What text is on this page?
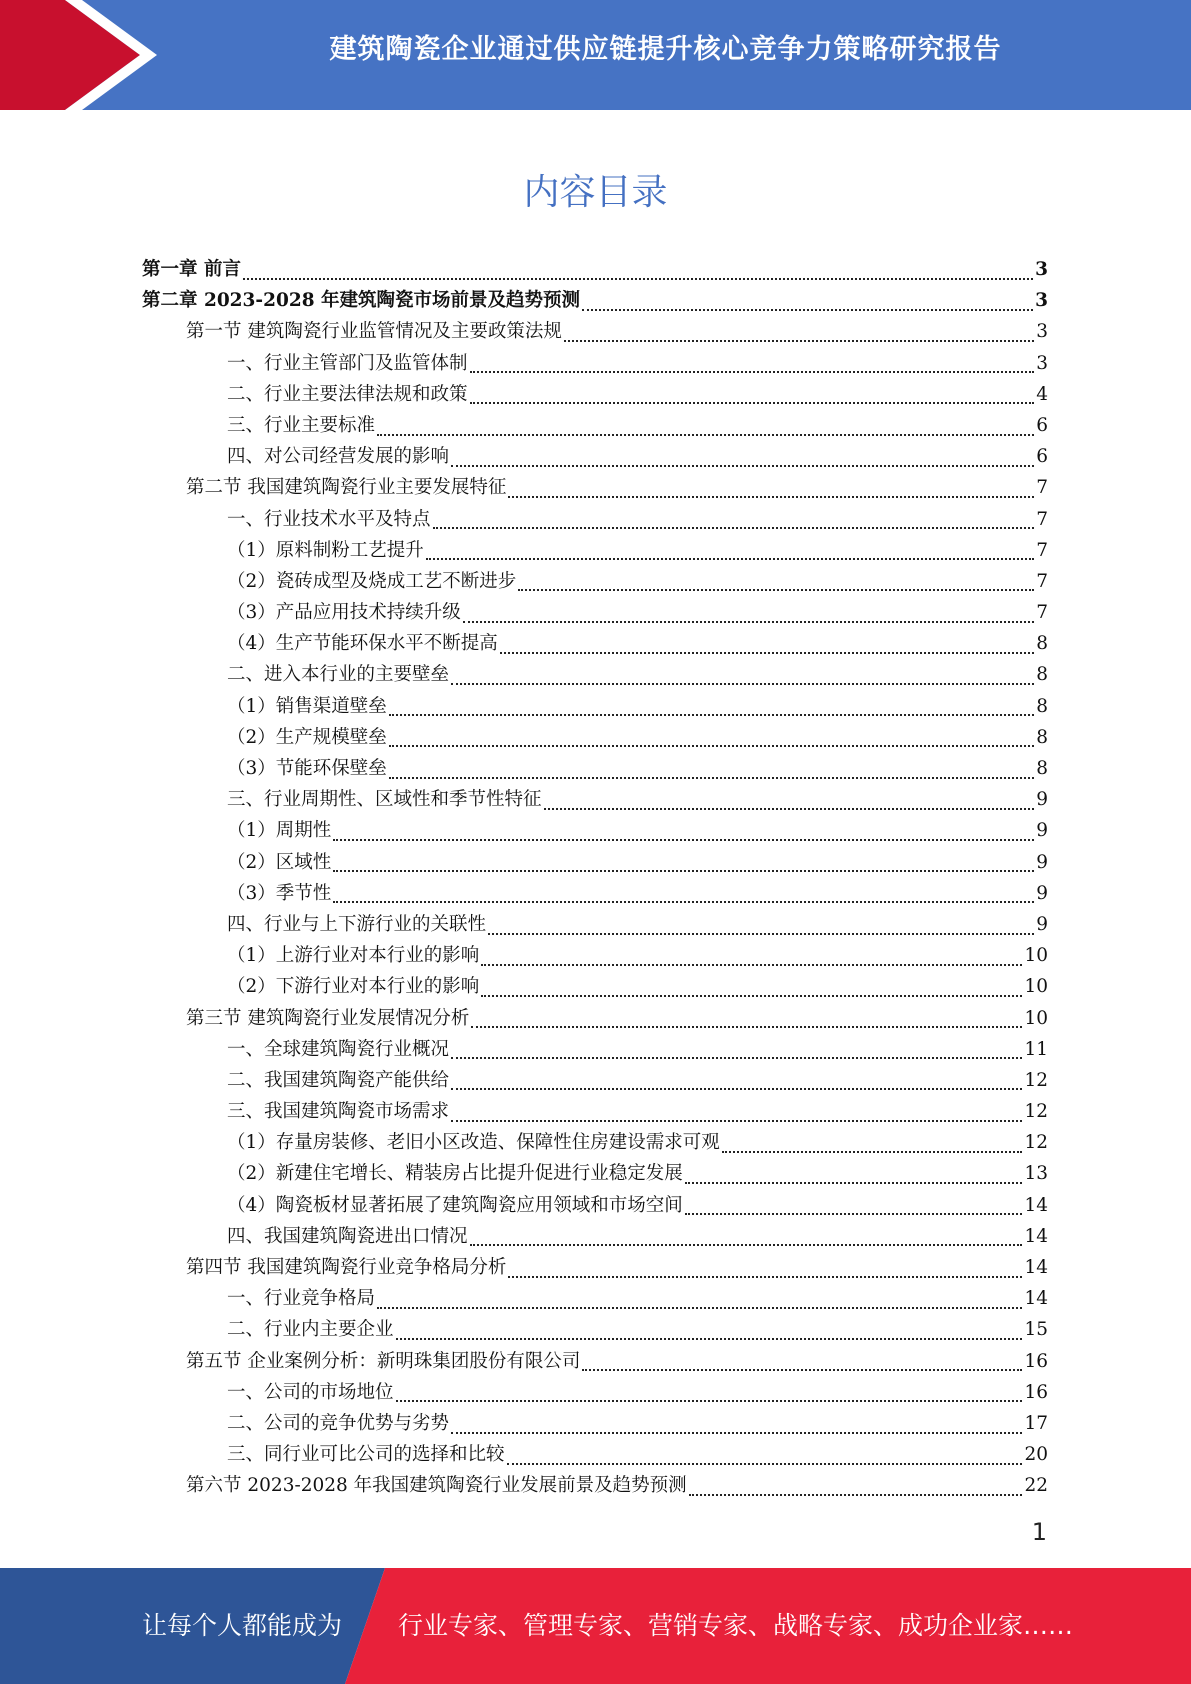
建筑陶瓷企业通过供应链提升核心竞争力策略研究报告
内容目录
第一章 前言	3
第二章 2023-2028 年建筑陶瓷市场前景及趋势预测	3
第一节 建筑陶瓷行业监管情况及主要政策法规	3
一、行业主管部门及监管体制	3
二、行业主要法律法规和政策	4
三、行业主要标准	6
四、对公司经营发展的影响	6
第二节 我国建筑陶瓷行业主要发展特征	7
一、行业技术水平及特点	7
（1）原料制粉工艺提升	7
（2）瓷砖成型及烧成工艺不断进步	7
（3）产品应用技术持续升级	7
（4）生产节能环保水平不断提高	8
二、进入本行业的主要壁垒	8
（1）销售渠道壁垒	8
（2）生产规模壁垒	8
（3）节能环保壁垒	8
三、行业周期性、区域性和季节性特征	9
（1）周期性	9
（2）区域性	9
（3）季节性	9
四、行业与上下游行业的关联性	9
（1）上游行业对本行业的影响	10
（2）下游行业对本行业的影响	10
第三节 建筑陶瓷行业发展情况分析	10
一、全球建筑陶瓷行业概况	11
二、我国建筑陶瓷产能供给	12
三、我国建筑陶瓷市场需求	12
（1）存量房装修、老旧小区改造、保障性住房建设需求可观	12
（2）新建住宅增长、精装房占比提升促进行业稳定发展	13
（4）陶瓷板材显著拓展了建筑陶瓷应用领域和市场空间	14
四、我国建筑陶瓷进出口情况	14
第四节 我国建筑陶瓷行业竞争格局分析	14
一、行业竞争格局	14
二、行业内主要企业	15
第五节 企业案例分析：新明珠集团股份有限公司	16
一、公司的市场地位	16
二、公司的竞争优势与劣势	17
三、同行业可比公司的选择和比较	20
第六节 2023-2028 年我国建筑陶瓷行业发展前景及趋势预测	22
1
让每个人都能成为 行业专家、管理专家、营销专家、战略专家、成功企业家……
